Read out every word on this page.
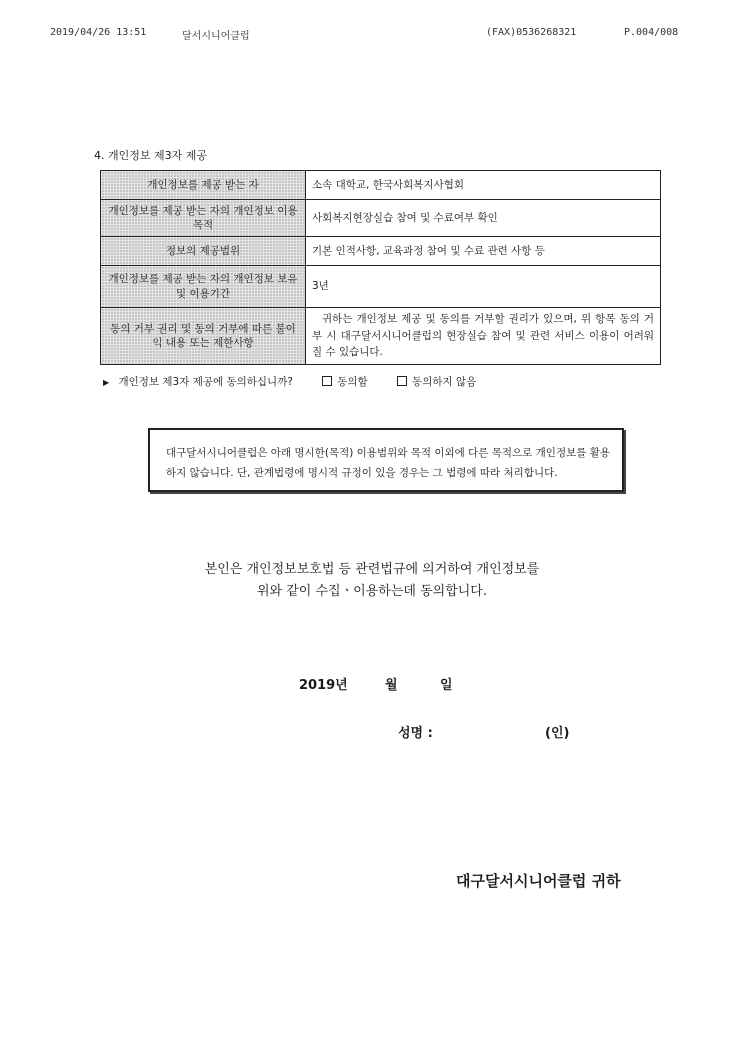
2019/04/26 13:51	달서시니어클럽	(FAX)0536268321	P.004/008
4. 개인정보 제3자 제공
개인정보를 제공 받는 자	소속 대학교, 한국사회복지사협회
개인정보를 제공 받는 자의 개인정보 이용 목적	사회복지현장실습 참여 및 수료여부 확인
정보의 제공범위	기본 인적사항, 교육과정 참여 및 수료 관련 사항 등
개인정보를 제공 받는 자의 개인정보 보유 및 이용기간	3년
동의 거부 권리 및 동의 거부에 따른 불이익 내용 또는 제한사항	귀하는 개인정보 제공 및 동의를 거부할 권리가 있으며, 위 항목 동의 거부 시 대구달서시니어클럽의 현장실습 참여 및 관련 서비스 이용이 어려워질 수 있습니다.
▶ 개인정보 제3자 제공에 동의하십니까?	동의함	동의하지 않음
대구달서시니어클럽은 아래 명시한(목적) 이용범위와 목적 이외에 다른 목적으로 개인정보를 활용하지 않습니다. 단, 관계법령에 명시적 규정이 있을 경우는 그 법령에 따라 처리합니다.
본인은 개인정보보호법 등 관련법규에 의거하여 개인정보를
위와 같이 수집ㆍ이용하는데 동의합니다.
2019년	월	일
성명 :	(인)
대구달서시니어클럽 귀하
